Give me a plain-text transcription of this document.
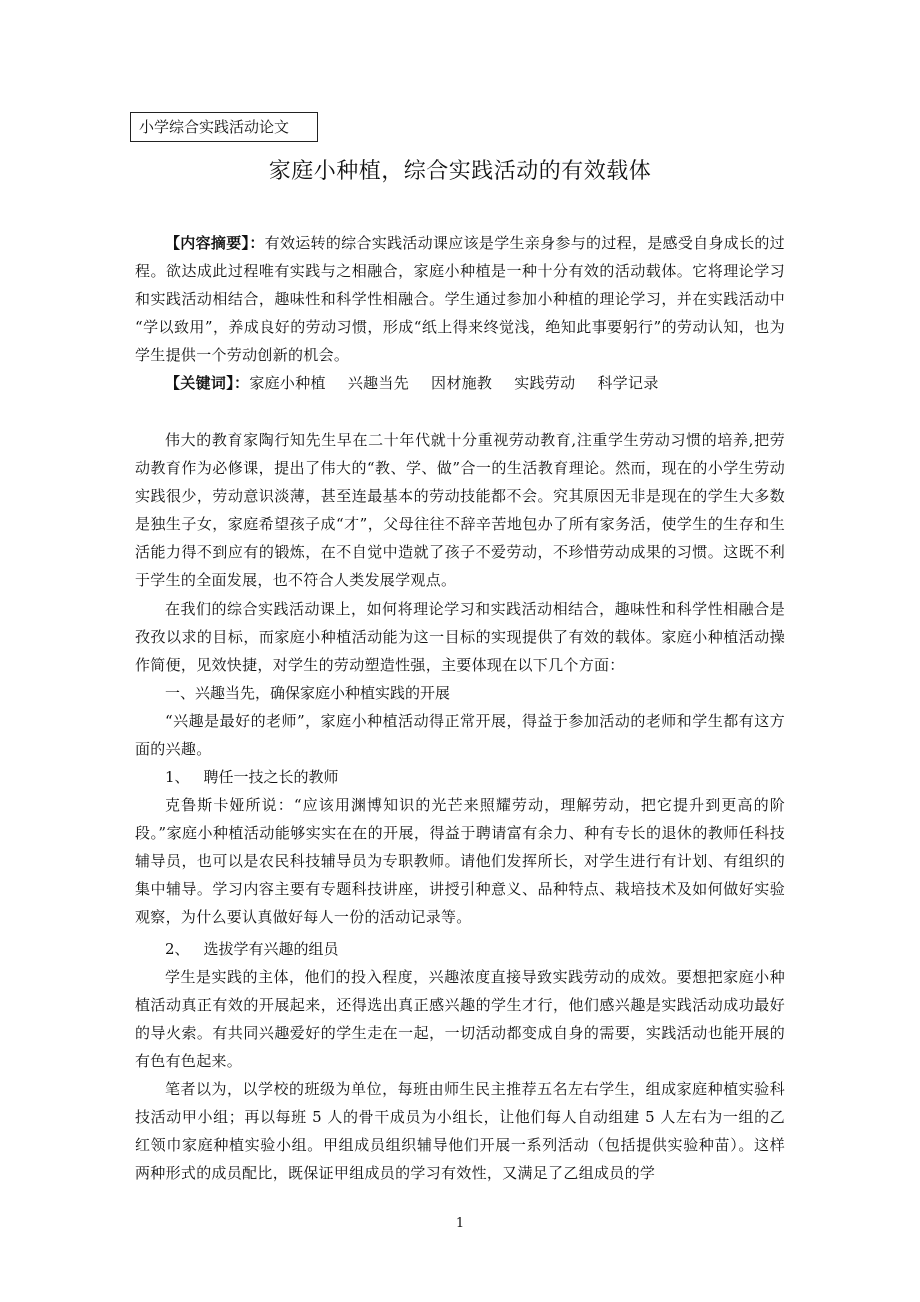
小学综合实践活动论文
家庭小种植，综合实践活动的有效载体
【内容摘要】：有效运转的综合实践活动课应该是学生亲身参与的过程，是感受自身成长的过程。欲达成此过程唯有实践与之相融合，家庭小种植是一种十分有效的活动载体。它将理论学习和实践活动相结合，趣味性和科学性相融合。学生通过参加小种植的理论学习，并在实践活动中 “学以致用”，养成良好的劳动习惯，形成“纸上得来终觉浅，绝知此事要躬行”的劳动认知，也为学生提供一个劳动创新的机会。
【关键词】：家庭小种植 兴趣当先 因材施教 实践劳动 科学记录
伟大的教育家陶行知先生早在二十年代就十分重视劳动教育,注重学生劳动习惯的培养,把劳动教育作为必修课，提出了伟大的“教、学、做”合一的生活教育理论。然而，现在的小学生劳动实践很少，劳动意识淡薄，甚至连最基本的劳动技能都不会。究其原因无非是现在的学生大多数是独生子女，家庭希望孩子成“才”，父母往往不辞辛苦地包办了所有家务活，使学生的生存和生活能力得不到应有的锻炼，在不自觉中造就了孩子不爱劳动，不珍惜劳动成果的习惯。这既不利于学生的全面发展，也不符合人类发展学观点。
在我们的综合实践活动课上，如何将理论学习和实践活动相结合，趣味性和科学性相融合是孜孜以求的目标，而家庭小种植活动能为这一目标的实现提供了有效的载体。家庭小种植活动操作简便，见效快捷，对学生的劳动塑造性强，主要体现在以下几个方面：
一、兴趣当先，确保家庭小种植实践的开展
“兴趣是最好的老师”，家庭小种植活动得正常开展，得益于参加活动的老师和学生都有这方面的兴趣。
1、 聘任一技之长的教师
克鲁斯卡娅所说：“应该用渊博知识的光芒来照耀劳动，理解劳动，把它提升到更高的阶段。”家庭小种植活动能够实实在在的开展，得益于聘请富有余力、种有专长的退休的教师任科技辅导员，也可以是农民科技辅导员为专职教师。请他们发挥所长，对学生进行有计划、有组织的集中辅导。学习内容主要有专题科技讲座，讲授引种意义、品种特点、栽培技术及如何做好实验观察，为什么要认真做好每人一份的活动记录等。
2、 选拔学有兴趣的组员
学生是实践的主体，他们的投入程度，兴趣浓度直接导致实践劳动的成效。要想把家庭小种植活动真正有效的开展起来，还得选出真正感兴趣的学生才行，他们感兴趣是实践活动成功最好的导火索。有共同兴趣爱好的学生走在一起，一切活动都变成自身的需要，实践活动也能开展的有色有色起来。
笔者以为，以学校的班级为单位，每班由师生民主推荐五名左右学生，组成家庭种植实验科技活动甲小组；再以每班 5 人的骨干成员为小组长，让他们每人自动组建 5 人左右为一组的乙红领巾家庭种植实验小组。甲组成员组织辅导他们开展一系列活动（包括提供实验种苗）。这样两种形式的成员配比，既保证甲组成员的学习有效性，又满足了乙组成员的学
1
